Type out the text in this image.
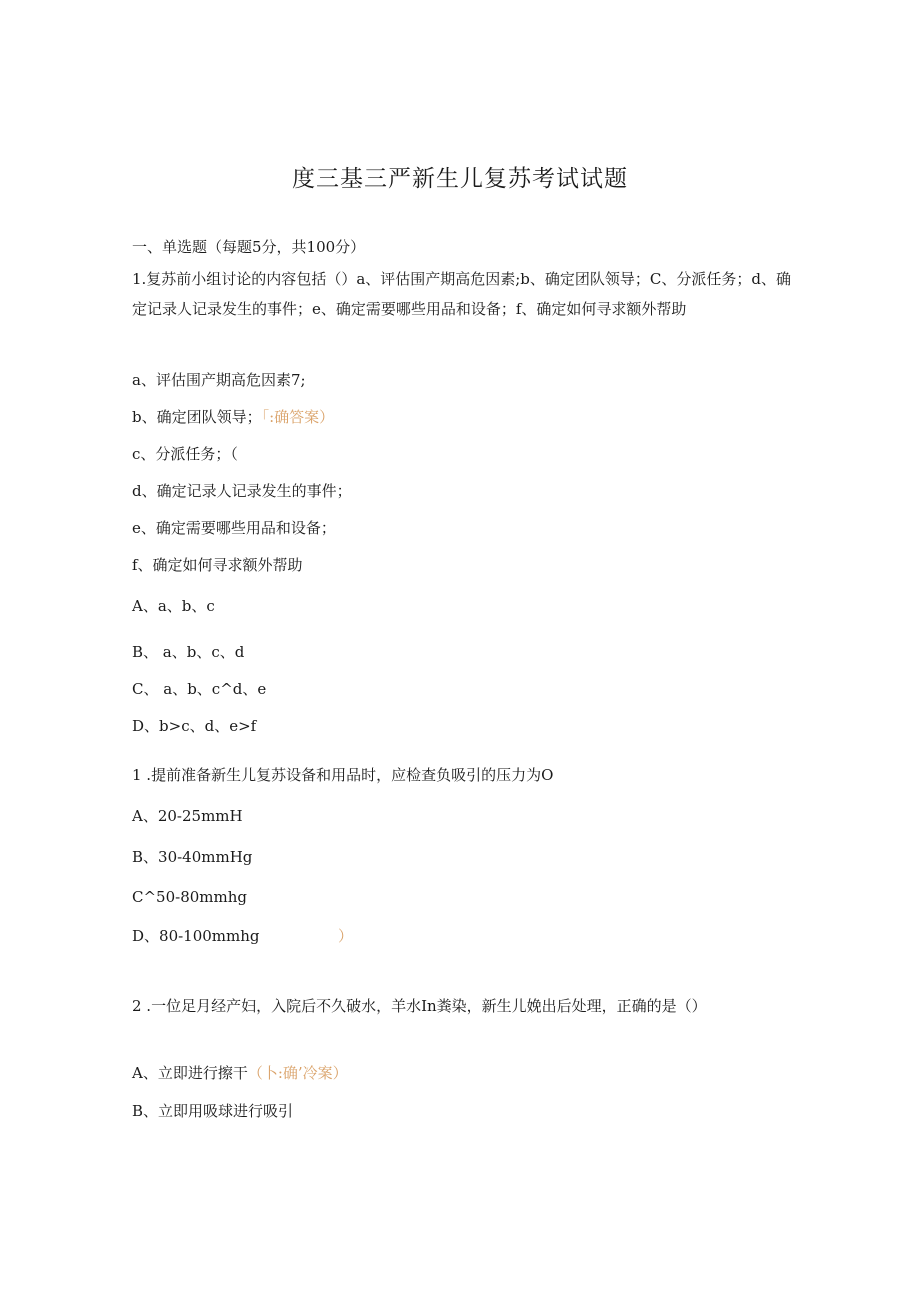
度三基三严新生儿复苏考试试题
一、单选题（每题5分，共100分）
1.复苏前小组讨论的内容包括（）a、评估围产期高危因素;b、确定团队领导；C、分派任务；d、确定记录人记录发生的事件；e、确定需要哪些用品和设备；f、确定如何寻求额外帮助
a、评估围产期高危因素7;
b、确定团队领导；「:确答案）
c、分派任务；（
d、确定记录人记录发生的事件；
e、确定需要哪些用品和设备；
f、确定如何寻求额外帮助
A、a、b、c
B、 a、b、c、d
C、 a、b、c^d、e
D、b>c、d、e>f
1 .提前准备新生儿复苏设备和用品时，应检查负吸引的压力为O
A、20-25mmH
B、30-40mmHg
C^50-80mmhg
D、80-100mmhg	）
2 .一位足月经产妇，入院后不久破水，羊水In粪染，新生儿娩出后处理，正确的是（）
A、立即进行擦干（卜:确’冷案）
B、立即用吸球进行吸引
